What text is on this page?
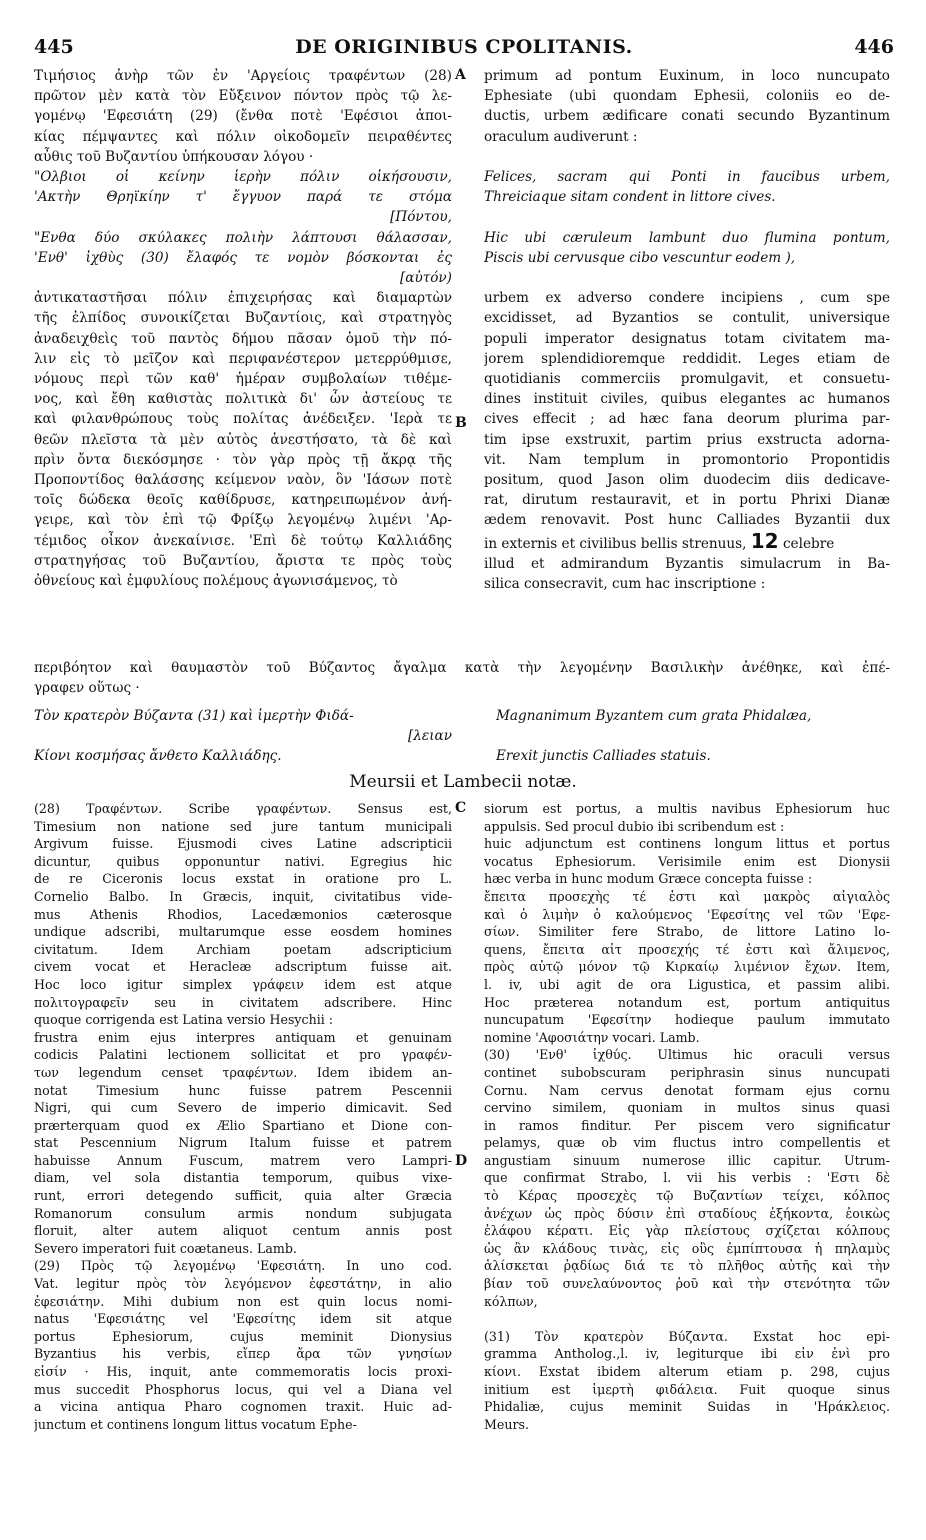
445	DE ORIGINIBUS CPOLITANIS.	446
Τιμήσιος ἀνὴρ τῶν ἐν 'Αργείοις τραφέντων (28)
πρῶτον μὲν κατὰ τὸν Εὔξεινον πόντον πρὸς τῷ λε-
γομένῳ 'Εφεσιάτη (29) (ἔνθα ποτὲ 'Εφέσιοι ἀποι-
κίας πέμψαντες καὶ πόλιν οἰκοδομεῖν πειραθέντες
αὖθις τοῦ Βυζαντίου ὑπήκουσαν λόγου ·
"Ολβιοι οἱ κείνην ἱερὴν πόλιν οἰκήσουσιν,
'Ακτὴν Θρηϊκίην τ' ἔγγυον παρά τε στόμα
[Πόντου,
"Ενθα δύο σκύλακες πολιὴν λάπτουσι θάλασσαν,
'Ενθ' ἰχθὺς (30) ἔλαφός τε νομὸν βόσκονται ἐς
[αὐτόν)
ἀντικαταστῆσαι πόλιν ἐπιχειρήσας καὶ διαμαρτὼν
τῆς ἐλπίδος συνοικίζεται Βυζαντίοις, καὶ στρατηγὸς
ἀναδειχθεὶς τοῦ παντὸς δήμου πᾶσαν ὁμοῦ τὴν πό-
λιν εἰς τὸ μεῖζον καὶ περιφανέστερον μετερρύθμισε,
νόμους περὶ τῶν καθ' ἡμέραν συμβολαίων τιθέμε-
νος, καὶ ἔθη καθιστὰς πολιτικὰ δι' ὧν ἀστείους τε
καὶ φιλανθρώπους τοὺς πολίτας ἀνέδειξεν. 'Ιερὰ τε
θεῶν πλεῖστα τὰ μὲν αὐτὸς ἀνεστήσατο, τὰ δὲ καὶ
πρὶν ὄντα διεκόσμησε · τὸν γὰρ πρὸς τῇ ἄκρᾳ τῆς
Προποντίδος θαλάσσης κείμενον ναὸν, ὃν 'Ιάσων ποτὲ
τοῖς δώδεκα θεοῖς καθίδρυσε, κατηρειπωμένον ἀνή-
γειρε, καὶ τὸν ἐπὶ τῷ Φρίξῳ λεγομένῳ λιμένι 'Αρ-
τέμιδος οἶκον ἀνεκαίνισε. 'Επὶ δὲ τούτῳ Καλλιάδης
στρατηγήσας τοῦ Βυζαντίου, ἄριστα τε πρὸς τοὺς
ὀθνείους καὶ ἐμφυλίους πολέμους ἀγωνισάμενος, τὸ
primum ad pontum Euxinum, in loco nuncupato
Ephesiate (ubi quondam Ephesii, coloniis eo de-
ductis, urbem ædificare conati secundo Byzantinum
oraculum audiverunt :

Felices, sacram qui Ponti in faucibus urbem,
Threiciaque sitam condent in littore cives.

Hic ubi cæruleum lambunt duo flumina pontum,
Piscis ubi cervusque cibo vescuntur eodem ),

urbem ex adverso condere incipiens , cum spe
excidisset, ad Byzantios se contulit, universique
populi imperator designatus totam civitatem ma-
jorem splendidioremque reddidit. Leges etiam de
quotidianis commerciis promulgavit, et consuetu-
dines instituit civiles, quibus elegantes ac humanos
cives effecit ; ad hæc fana deorum plurima par-
tim ipse exstruxit, partim prius exstructa adorna-
vit. Nam templum in promontorio Propontidis
positum, quod Jason olim duodecim diis dedicave-
rat, dirutum restauravit, et in portu Phrixi Dianæ
ædem renovavit. Post hunc Calliades Byzantii dux
in externis et civilibus bellis strenuus, 12 celebre
illud et admirandum Byzantis simulacrum in Ba-
silica consecravit, cum hac inscriptione :
A
B
περιβόητον καὶ θαυμαστὸν τοῦ Βύζαντος ἄγαλμα κατὰ τὴν λεγομένην Βασιλικὴν ἀνέθηκε, καὶ ἐπέ-
γραφεν οὕτως ·
Τὸν κρατερὸν Βύζαντα (31) καὶ ἱμερτὴν Φιδά-
[λειαν
Κίονι κοσμήσας ἄνθετο Καλλιάδης.
Magnanimum Byzantem cum grata Phidalæa,

Erexit junctis Calliades statuis.
Meursii et Lambecii notæ.
(28) Τραφέντων. Scribe γραφέντων. Sensus est,
Timesium non natione sed jure tantum municipali
Argivum fuisse. Ejusmodi cives Latine adscripticii
dicuntur, quibus opponuntur nativi. Egregius hic
de re Ciceronis locus exstat in oratione pro L.
Cornelio Balbo. In Græcis, inquit, civitatibus vide-
mus Athenis Rhodios, Lacedæmonios cæterosque
undique adscribi, multarumque esse eosdem homines
civitatum. Idem Archiam poetam adscripticium
civem vocat et Heracleæ adscriptum fuisse ait.
Hoc loco igitur simplex γράφειν idem est atque
πολιτογραφεῖν seu in civitatem adscribere. Hinc
quoque corrigenda est Latina versio Hesychii :
frustra enim ejus interpres antiquam et genuinam
codicis Palatini lectionem sollicitat et pro γραφέν-
των legendum censet τραφέντων. Idem ibidem an-
notat Timesium hunc fuisse patrem Pescennii
Nigri, qui cum Severo de imperio dimicavit. Sed
prærterquam quod ex Ælio Spartiano et Dione con-
stat Pescennium Nigrum Italum fuisse et patrem
habuisse Annum Fuscum, matrem vero Lampri-
diam, vel sola distantia temporum, quibus vixe-
runt, errori detegendo sufficit, quia alter Græcia
Romanorum consulum armis nondum subjugata
floruit, alter autem aliquot centum annis post
Severo imperatori fuit coætaneus. Lamb.
(29) Πρὸς τῷ λεγομένῳ 'Εφεσιάτη. In uno cod.
Vat. legitur πρὸς τὸν λεγόμενον ἐφεστάτην, in alio
ἐφεσιάτην. Mihi dubium non est quin locus nomi-
natus 'Εφεσιάτης vel 'Εφεσίτης idem sit atque
portus Ephesiorum, cujus meminit Dionysius
Byzantius his verbis, εἴπερ ἄρα τῶν γνησίων
εἰσίν · His, inquit, ante commemoratis locis proxi-
mus succedit Phosphorus locus, qui vel a Diana vel
a vicina antiqua Pharo cognomen traxit. Huic ad-
junctum et continens longum littus vocatum Ephe-
siorum est portus, a multis navibus Ephesiorum huc
appulsis. Sed procul dubio ibi scribendum est :
huic adjunctum est continens longum littus et portus
vocatus Ephesiorum. Verisimile enim est Dionysii
hæc verba in hunc modum Græce concepta fuisse :
ἔπειτα προσεχὴς τέ ἐστι καὶ μακρὸς αἰγιαλὸς
καὶ ὁ λιμὴν ὁ καλούμενος 'Εφεσίτης vel τῶν 'Εφε-
σίων. Similiter fere Strabo, de littore Latino lo-
quens, ἔπειτα αἰτ προσεχής τέ ἐστι καὶ ἄλιμενος,
πρὸς αὐτῷ μόνον τῷ Κιρκαίῳ λιμένιον ἔχων. Item,
l. iv, ubi agit de ora Ligustica, et passim alibi.
Hoc præterea notandum est, portum antiquitus
nuncupatum 'Εφεσίτην hodieque paulum immutato
nomine 'Αφοσιάτην vocari. Lamb.
(30) 'Ενθ' ἰχθύς. Ultimus hic oraculi versus
continet subobscuram periphrasin sinus nuncupati
Cornu. Nam cervus denotat formam ejus cornu
cervino similem, quoniam in multos sinus quasi
in ramos finditur. Per piscem vero significatur
pelamys, quæ ob vim fluctus intro compellentis et
angustiam sinuum numerose illic capitur. Utrum-
que confirmat Strabo, l. vii his verbis : 'Εστι δὲ
τὸ Κέρας προσεχὲς τῷ Βυζαντίων τείχει, κόλπος
ἀνέχων ὡς πρὸς δύσιν ἐπὶ σταδίους ἑξήκοντα, ἐοικὼς
ἐλάφου κέρατι. Εἰς γὰρ πλείστους σχίζεται κόλπους
ὡς ἂν κλάδους τινὰς, εἰς οὓς ἐμπίπτουσα ἡ πηλαμὺς
ἁλίσκεται ῥᾳδίως διά τε τὸ πλῆθος αὐτῆς καὶ τὴν
βίαν τοῦ συνελαύνοντος ῥοῦ καὶ τὴν στενότητα τῶν
κόλπων,

(31) Τὸν κρατερὸν Βύζαντα. Exstat hoc epi-
gramma Antholog.,l. iv, legiturque ibi εἰν ἐνὶ pro
κίονι. Exstat ibidem alterum etiam p. 298, cujus
initium est ἱμερτὴ φιδάλεια. Fuit quoque sinus
Phidaliæ, cujus meminit Suidas in 'Ηράκλειος.
Meurs.
C
D
